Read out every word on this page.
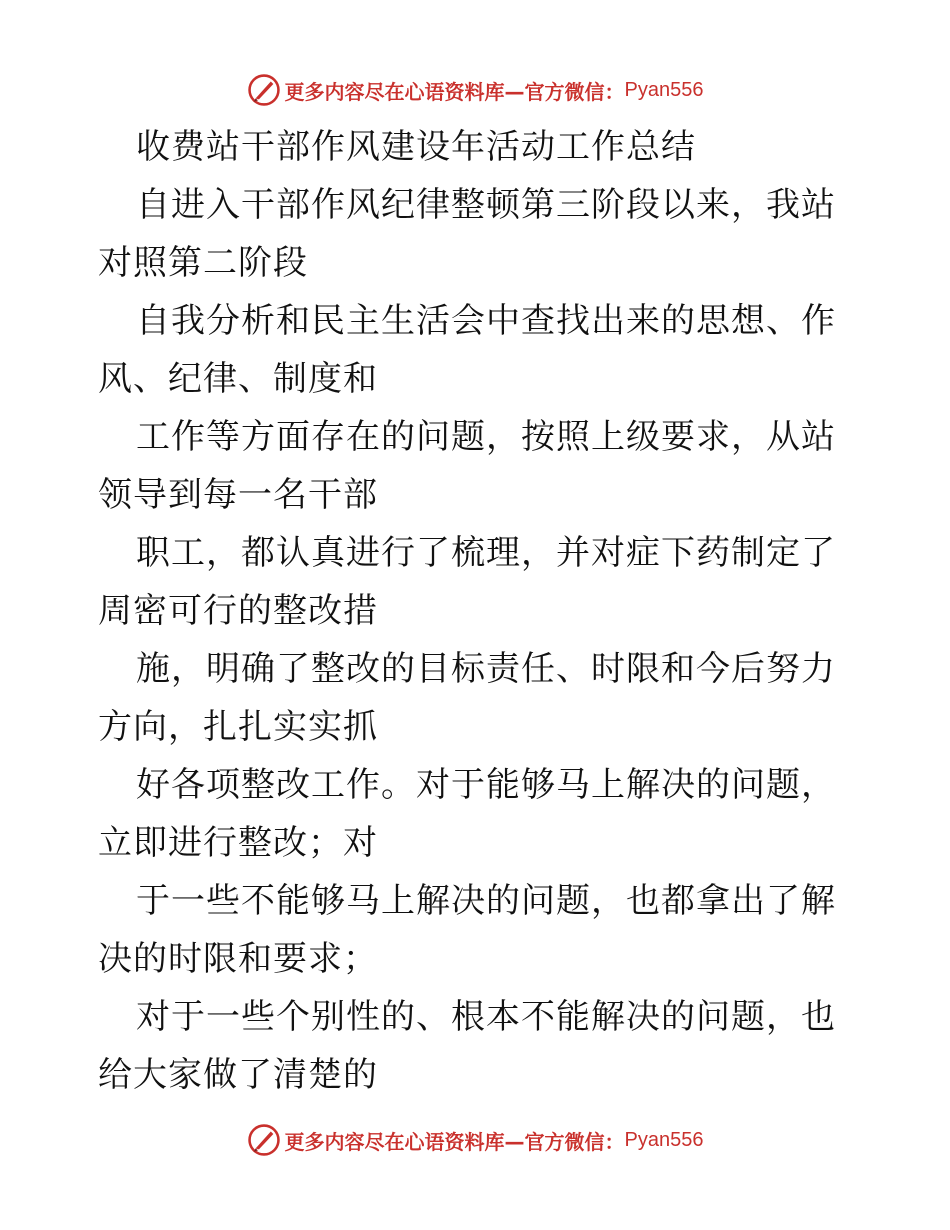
更多内容尽在心语资料库—官方微信： Pyan556

收费站干部作风建设年活动工作总结

自进入干部作风纪律整顿第三阶段以来，我站对照第二阶段

自我分析和民主生活会中查找出来的思想、作风、纪律、制度和

工作等方面存在的问题，按照上级要求，从站领导到每一名干部

职工，都认真进行了梳理，并对症下药制定了周密可行的整改措

施，明确了整改的目标责任、时限和今后努力方向，扎扎实实抓

好各项整改工作。对于能够马上解决的问题，立即进行整改；对

于一些不能够马上解决的问题，也都拿出了解决的时限和要求；

对于一些个别性的、根本不能解决的问题，也给大家做了清楚的

更多内容尽在心语资料库—官方微信： Pyan556
